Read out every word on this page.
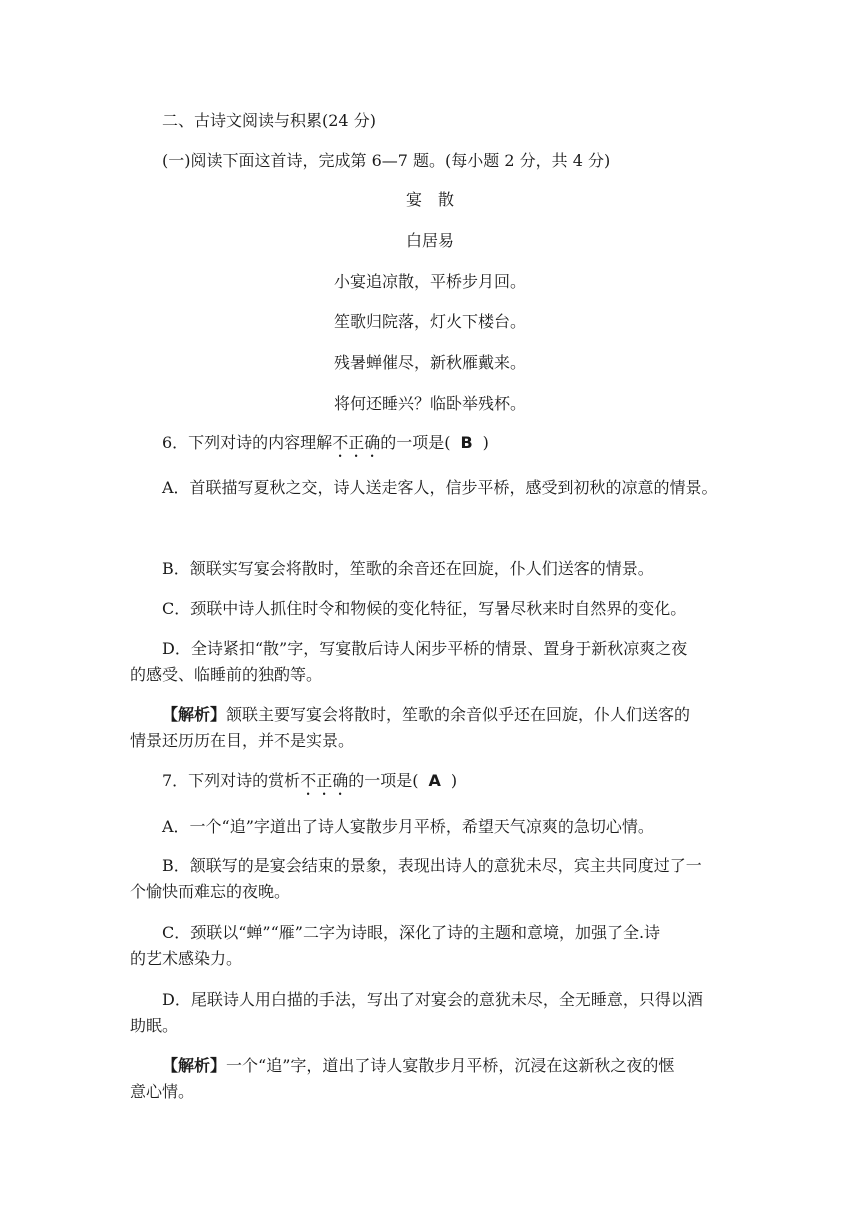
二、古诗文阅读与积累(24 分)
(一)阅读下面这首诗，完成第 6—7 题。(每小题 2 分，共 4 分)
宴　散
白居易
小宴追凉散，平桥步月回。
笙歌归院落，灯火下楼台。
残暑蝉催尽，新秋雁戴来。
将何还睡兴？临卧举残杯。
6．下列对诗的内容理解不正确的一项是( B )
A．首联描写夏秋之交，诗人送走客人，信步平桥，感受到初秋的凉意的情景。
B．颔联实写宴会将散时，笙歌的余音还在回旋，仆人们送客的情景。
C．颈联中诗人抓住时令和物候的变化特征，写暑尽秋来时自然界的变化。
D．全诗紧扣“散”字，写宴散后诗人闲步平桥的情景、置身于新秋凉爽之夜
的感受、临睡前的独酌等。
【解析】颔联主要写宴会将散时，笙歌的余音似乎还在回旋，仆人们送客的
情景还历历在目，并不是实景。
7．下列对诗的赏析不正确的一项是( A )
A．一个“追”字道出了诗人宴散步月平桥，希望天气凉爽的急切心情。
B．颔联写的是宴会结束的景象，表现出诗人的意犹未尽，宾主共同度过了一
个愉快而难忘的夜晚。
C．颈联以“蝉”“雁”二字为诗眼，深化了诗的主题和意境，加强了全.诗
的艺术感染力。
D．尾联诗人用白描的手法，写出了对宴会的意犹未尽，全无睡意，只得以酒
助眠。
【解析】一个“追”字，道出了诗人宴散步月平桥，沉浸在这新秋之夜的惬
意心情。
